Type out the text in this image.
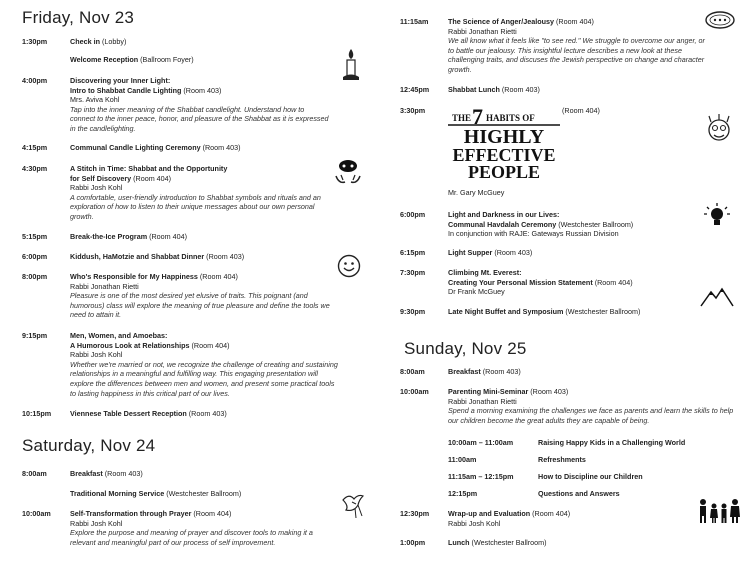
Friday, Nov 23
1:30pm	Check in (Lobby)
Welcome Reception (Ballroom Foyer)
4:00pm	Discovering your Inner Light:
Intro to Shabbat Candle Lighting (Room 403)
Mrs. Aviva Kohl
Tap into the inner meaning of the Shabbat candlelight. Understand how to connect to the inner peace, honor, and pleasure of the Shabbat as it is expressed in the candlelighting.
4:15pm	Communal Candle Lighting Ceremony (Room 403)
4:30pm	A Stitch in Time: Shabbat and the Opportunity
for Self Discovery (Room 404)
Rabbi Josh Kohl
A comfortable, user-friendly introduction to Shabbat symbols and rituals and an exploration of how to listen to their unique messages about our own personal growth.
5:15pm	Break-the-Ice Program (Room 404)
6:00pm	Kiddush, HaMotzie and Shabbat Dinner (Room 403)
8:00pm	Who's Responsible for My Happiness (Room 404)
Rabbi Jonathan Rietti
Pleasure is one of the most desired yet elusive of traits. This poignant (and humorous) class will explore the meaning of true pleasure and define the tools we need to attain it.
9:15pm	Men, Women, and Amoebas:
A Humorous Look at Relationships (Room 404)
Rabbi Josh Kohl
Whether we're married or not, we recognize the challenge of creating and sustaining relationships in a meaningful and fulfilling way. This engaging presentation will explore the differences between men and women, and present some practical tools to lasting happiness in this critical part of our lives.
10:15pm	Viennese Table Dessert Reception (Room 403)
Saturday, Nov 24
8:00am	Breakfast (Room 403)
Traditional Morning Service (Westchester Ballroom)
10:00am	Self-Transformation through Prayer (Room 404)
Rabbi Josh Kohl
Explore the purpose and meaning of prayer and discover tools to making it a relevant and meaningful part of our process of self improvement.
11:15am	The Science of Anger/Jealousy (Room 404)
Rabbi Jonathan Rietti
We all know what it feels like "to see red." We struggle to overcome our anger, or to battle our jealousy. This insightful lecture describes a new look at these challenging traits, and discuses the Jewish perspective on change and character growth.
12:45pm	Shabbat Lunch (Room 403)
3:30pm	(Room 404)
Mr. Gary McGuey
6:00pm	Light and Darkness in our Lives:
Communal Havdalah Ceremony (Westchester Ballroom)
In conjunction with RAJE: Gateways Russian Division
6:15pm	Light Supper (Room 403)
7:30pm	Climbing Mt. Everest:
Creating Your Personal Mission Statement (Room 404)
Dr Frank McGuey
9:30pm	Late Night Buffet and Symposium (Westchester Ballroom)
Sunday, Nov 25
8:00am	Breakfast (Room 403)
10:00am	Parenting Mini-Seminar (Room 403)
Rabbi Jonathan Rietti
Spend a morning examining the challenges we face as parents and learn the skills to help our children become the great adults they are capable of being.
10:00am – 11:00am	Raising Happy Kids in a Challenging World
11:00am	Refreshments
11:15am – 12:15pm	How to Discipline our Children
12:15pm	Questions and Answers
12:30pm	Wrap-up and Evaluation (Room 404)
Rabbi Josh Kohl
1:00pm	Lunch (Westchester Ballroom)
THE 7 HABITS OF
HIGHLY
EFFECTIVE
PEOPLE
